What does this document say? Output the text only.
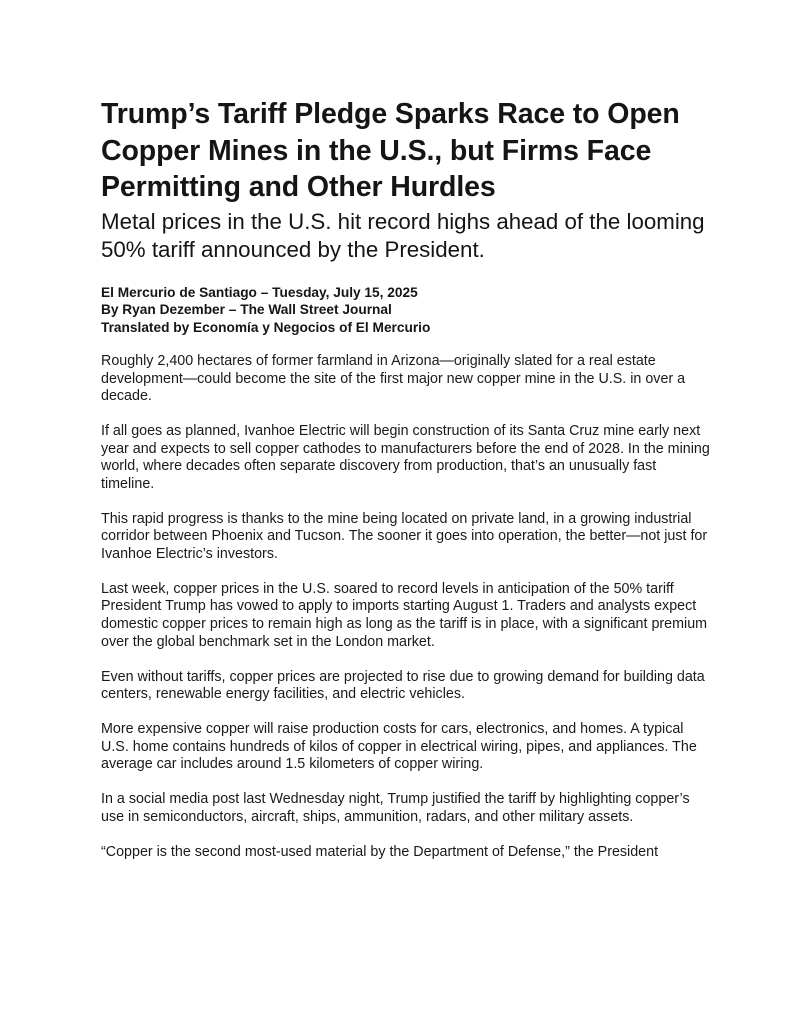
Trump’s Tariff Pledge Sparks Race to Open Copper Mines in the U.S., but Firms Face Permitting and Other Hurdles
Metal prices in the U.S. hit record highs ahead of the looming 50% tariff announced by the President.
El Mercurio de Santiago – Tuesday, July 15, 2025
By Ryan Dezember – The Wall Street Journal
Translated by Economía y Negocios of El Mercurio

Roughly 2,400 hectares of former farmland in Arizona—originally slated for a real estate development—could become the site of the first major new copper mine in the U.S. in over a decade.

If all goes as planned, Ivanhoe Electric will begin construction of its Santa Cruz mine early next year and expects to sell copper cathodes to manufacturers before the end of 2028. In the mining world, where decades often separate discovery from production, that’s an unusually fast timeline.

This rapid progress is thanks to the mine being located on private land, in a growing industrial corridor between Phoenix and Tucson. The sooner it goes into operation, the better—not just for Ivanhoe Electric’s investors.

Last week, copper prices in the U.S. soared to record levels in anticipation of the 50% tariff President Trump has vowed to apply to imports starting August 1. Traders and analysts expect domestic copper prices to remain high as long as the tariff is in place, with a significant premium over the global benchmark set in the London market.

Even without tariffs, copper prices are projected to rise due to growing demand for building data centers, renewable energy facilities, and electric vehicles.

More expensive copper will raise production costs for cars, electronics, and homes. A typical U.S. home contains hundreds of kilos of copper in electrical wiring, pipes, and appliances. The average car includes around 1.5 kilometers of copper wiring.

In a social media post last Wednesday night, Trump justified the tariff by highlighting copper’s use in semiconductors, aircraft, ships, ammunition, radars, and other military assets.

“Copper is the second most-used material by the Department of Defense,” the President
